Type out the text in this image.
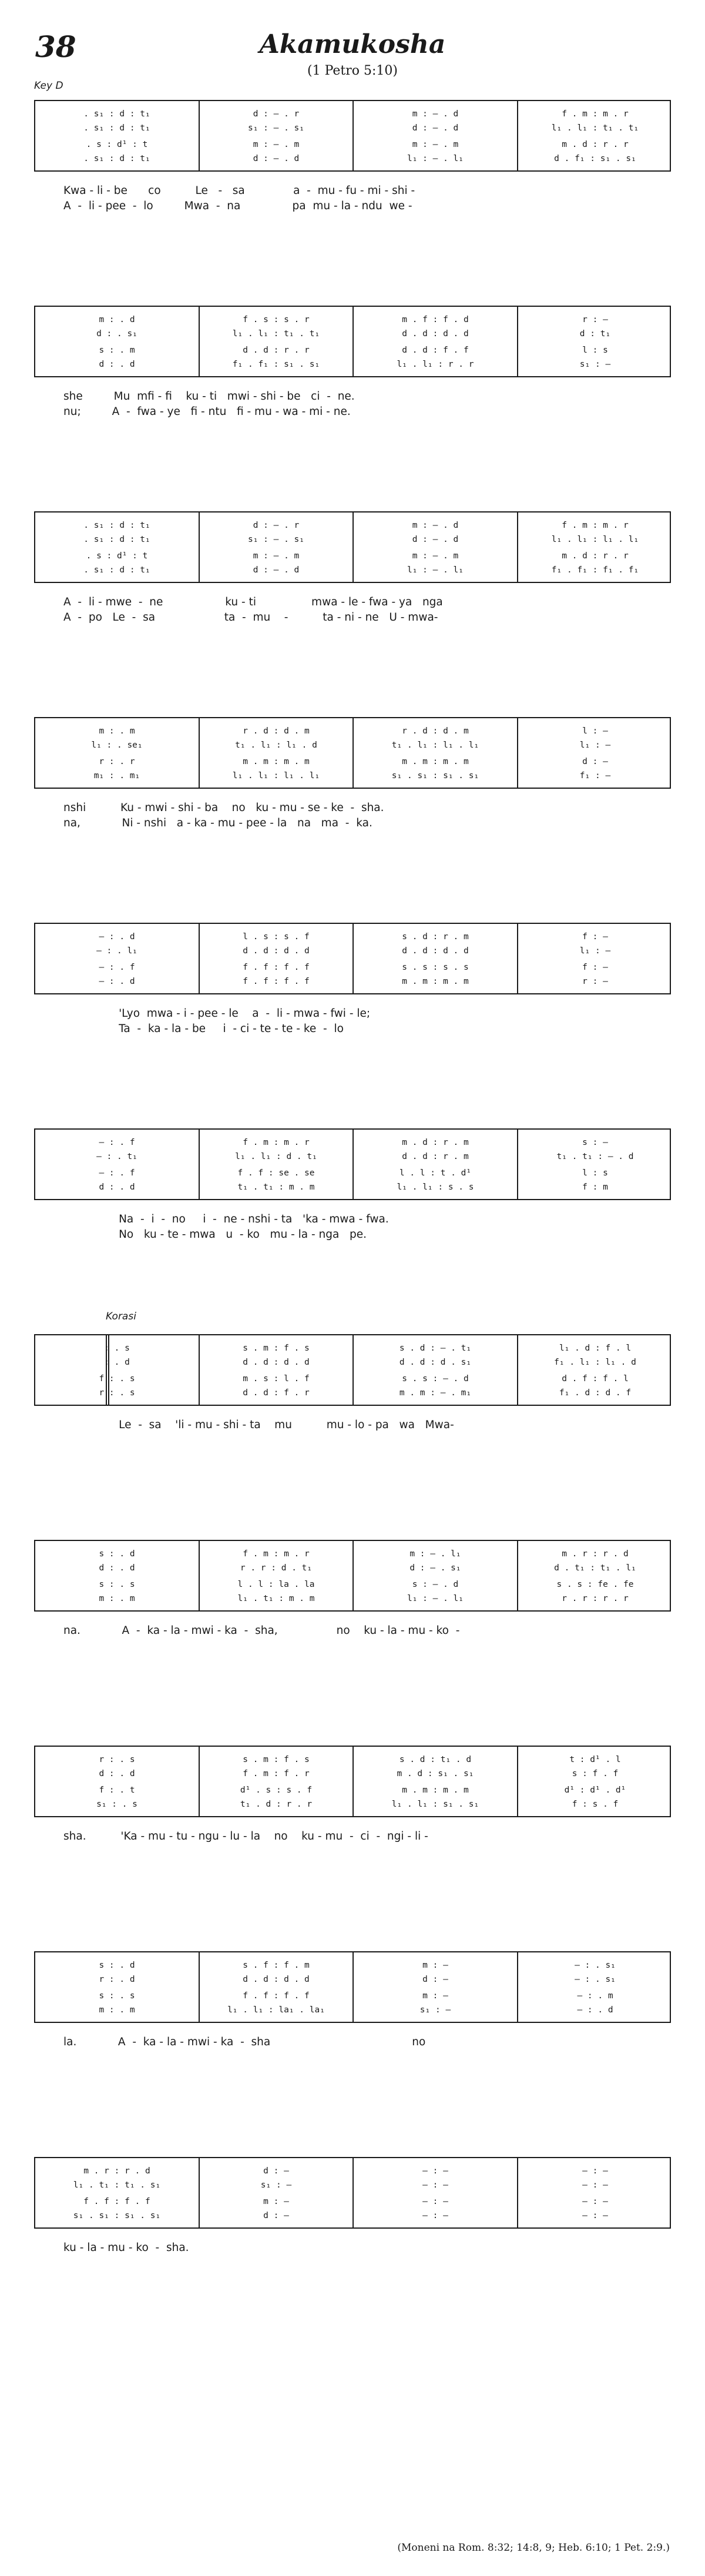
38	Akamukosha
(1 Petro 5:10)
Key D
Korasi
. s₁ : d : t₁	d : – . r	m : – . d	f . m : m . r
. s₁ : d : t₁	s₁ : – . s₁	d : – . d	l₁ . l₁ : t₁ . t₁
. s : d¹ : t	m : – . m	m : – . m	m . d : r . r
. s₁ : d : t₁	d : – . d	l₁ : – . l₁	d . f₁ : s₁ . s₁
Kwa - li - be      co          Le   -   sa              a  -  mu - fu - mi - shi -
A  -  li - pee  -  lo         Mwa  -  na               pa  mu - la - ndu  we -
m : . d	f . s : s . r	m . f : f . d	r : —
d : . s₁	l₁ . l₁ : t₁ . t₁	d . d : d . d	d : t₁
s : . m	d . d : r . r	d . d : f . f	l : s
d : . d	f₁ . f₁ : s₁ . s₁	l₁ . l₁ : r . r	s₁ : —
she         Mu  mfi - fi    ku - ti   mwi - shi - be   ci  -  ne.
nu;         A  -  fwa - ye   fi - ntu   fi - mu - wa - mi - ne.
. s₁ : d : t₁	d : – . r	m : – . d	f . m : m . r
. s₁ : d : t₁	s₁ : – . s₁	d : – . d	l₁ . l₁ : l₁ . l₁
. s : d¹ : t	m : – . m	m : – . m	m . d : r . r
. s₁ : d : t₁	d : – . d	l₁ : – . l₁	f₁ . f₁ : f₁ . f₁
A  -  li - mwe  -  ne                  ku - ti                mwa - le - fwa - ya   nga
A  -  po   Le  -  sa                    ta  -  mu    -          ta - ni - ne   U - mwa-
m : . m	r . d : d . m	r . d : d . m	l : —
l₁ : . se₁	t₁ . l₁ : l₁ . d	t₁ . l₁ : l₁ . l₁	l₁ : —
r : . r	m . m : m . m	m . m : m . m	d : —
m₁ : . m₁	l₁ . l₁ : l₁ . l₁	s₁ . s₁ : s₁ . s₁	f₁ : —
nshi          Ku - mwi - shi - ba    no   ku - mu - se - ke  -  sha.
na,            Ni - nshi   a - ka - mu - pee - la   na   ma  -  ka.
— : . d	l . s : s . f	s . d : r . m	f : —
— : . l₁	d . d : d . d	d . d : d . d	l₁ : —
— : . f	f . f : f . f	s . s : s . s	f : —
— : . d	f . f : f . f	m . m : m . m	r : —
'Lyo  mwa - i - pee - le    a  -  li - mwa - fwi - le;
Ta  -  ka - la - be     i  - ci - te - te - ke  -  lo
— : . f	f . m : m . r	m . d : r . m	s : —
— : . t₁	l₁ . l₁ : d . t₁	d . d : r . m	t₁ . t₁ : – . d
— : . f	f . f : se . se	l . l : t . d¹	l : s
d : . d	t₁ . t₁ : m . m	l₁ . l₁ : s . s	f : m
Na  -  i  -  no     i  -  ne - nshi - ta   'ka - mwa - fwa.
No   ku - te - mwa   u  - ko   mu - la - nga   pe.
: . s	s . m : f . s	s . d : – . t₁	l₁ . d : f . l
: . d	d . d : d . d	d . d : d . s₁	f₁ . l₁ : l₁ . d
f : . s	m . s : l . f	s . s : – . d	d . f : f . l
r : . s	d . d : f . r	m . m : – . m₁	f₁ . d : d . f
Le  -  sa    'li - mu - shi - ta    mu          mu - lo - pa   wa   Mwa-
s : . d	f . m : m . r	m : – . l₁	m . r : r . d
d : . d	r . r : d . t₁	d : – . s₁	d . t₁ : t₁ . l₁
s : . s	l . l : la . la	s : – . d	s . s : fe . fe
m : . m	l₁ . t₁ : m . m	l₁ : – . l₁	r . r : r . r
na.            A  -  ka - la - mwi - ka  -  sha,                 no    ku - la - mu - ko  -
r : . s	s . m : f . s	s . d : t₁ . d	t : d¹ . l
d : . d	f . m : f . r	m . d : s₁ . s₁	s : f . f
f : . t	d¹ . s : s . f	m . m : m . m	d¹ : d¹ . d¹
s₁ : . s	t₁ . d : r . r	l₁ . l₁ : s₁ . s₁	f : s . f
sha.          'Ka - mu - tu - ngu - lu - la    no    ku - mu  -  ci  -  ngi - li -
s : . d	s . f : f . m	m : —	— : . s₁
r : . d	d . d : d . d	d : —	— : . s₁
s : . s	f . f : f . f	m : —	— : . m
m : . m	l₁ . l₁ : la₁ . la₁	s₁ : —	— : . d
la.            A  -  ka - la - mwi - ka  -  sha                                         no
m . r : r . d	d : —	— : —	— : —
l₁ . t₁ : t₁ . s₁	s₁ : —	— : —	— : —
f . f : f . f	m : —	— : —	— : —
s₁ . s₁ : s₁ . s₁	d : —	— : —	— : —
ku - la - mu - ko  -  sha.
(Moneni na Rom. 8:32; 14:8, 9; Heb. 6:10; 1 Pet. 2:9.)
